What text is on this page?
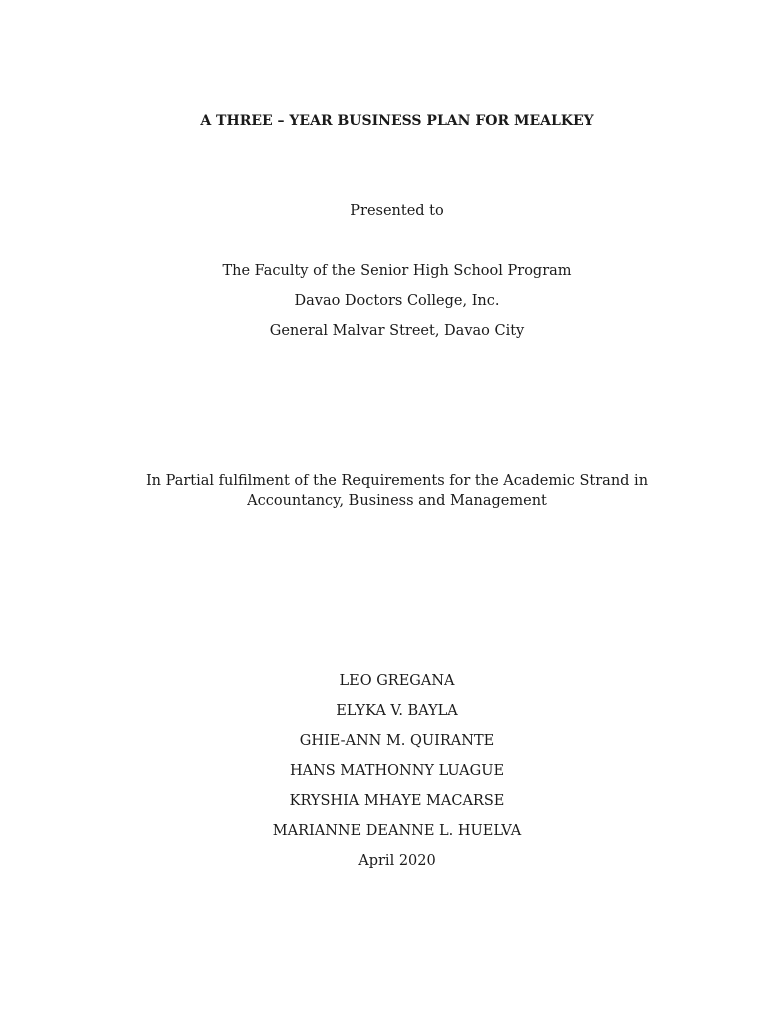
A THREE – YEAR BUSINESS PLAN FOR MEALKEY
Presented to
The Faculty of the Senior High School Program
Davao Doctors College, Inc.
General Malvar Street, Davao City
In Partial fulfilment of the Requirements for the Academic Strand in
Accountancy, Business and Management
LEO GREGANA
ELYKA V. BAYLA
GHIE-ANN M. QUIRANTE
HANS MATHONNY LUAGUE
KRYSHIA MHAYE MACARSE
MARIANNE DEANNE L. HUELVA
April 2020
